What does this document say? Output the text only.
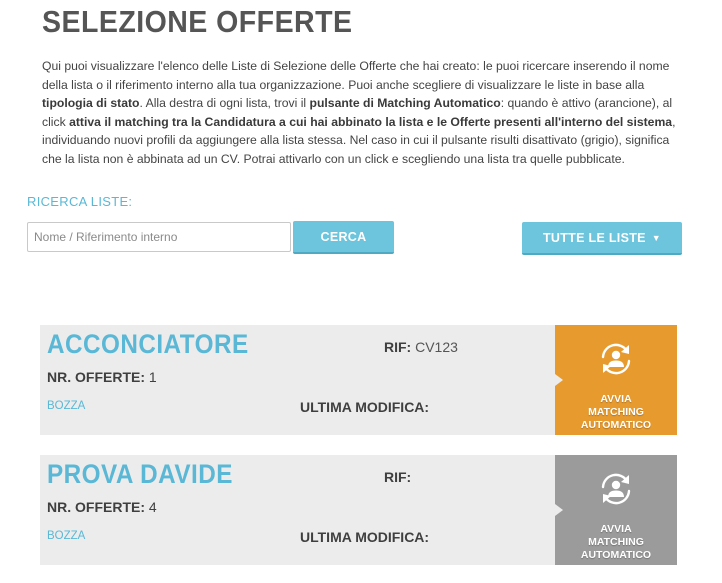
SELEZIONE OFFERTE
Qui puoi visualizzare l'elenco delle Liste di Selezione delle Offerte che hai creato: le puoi ricercare inserendo il nome della lista o il riferimento interno alla tua organizzazione. Puoi anche scegliere di visualizzare le liste in base alla tipologia di stato. Alla destra di ogni lista, trovi il pulsante di Matching Automatico: quando è attivo (arancione), al click attiva il matching tra la Candidatura a cui hai abbinato la lista e le Offerte presenti all'interno del sistema, individuando nuovi profili da aggiungere alla lista stessa. Nel caso in cui il pulsante risulti disattivato (grigio), significa che la lista non è abbinata ad un CV. Potrai attivarlo con un click e scegliendo una lista tra quelle pubblicate.
RICERCA LISTE:
Nome / Riferimento interno
CERCA	TUTTE LE LISTE ▼
ACCONCIATORE
NR. OFFERTE: 1
BOZZA
RIF: CV123
ULTIMA MODIFICA:	AVVIA
MATCHING
AUTOMATICO
PROVA DAVIDE
NR. OFFERTE: 4
BOZZA
RIF:
ULTIMA MODIFICA:	AVVIA
MATCHING
AUTOMATICO
